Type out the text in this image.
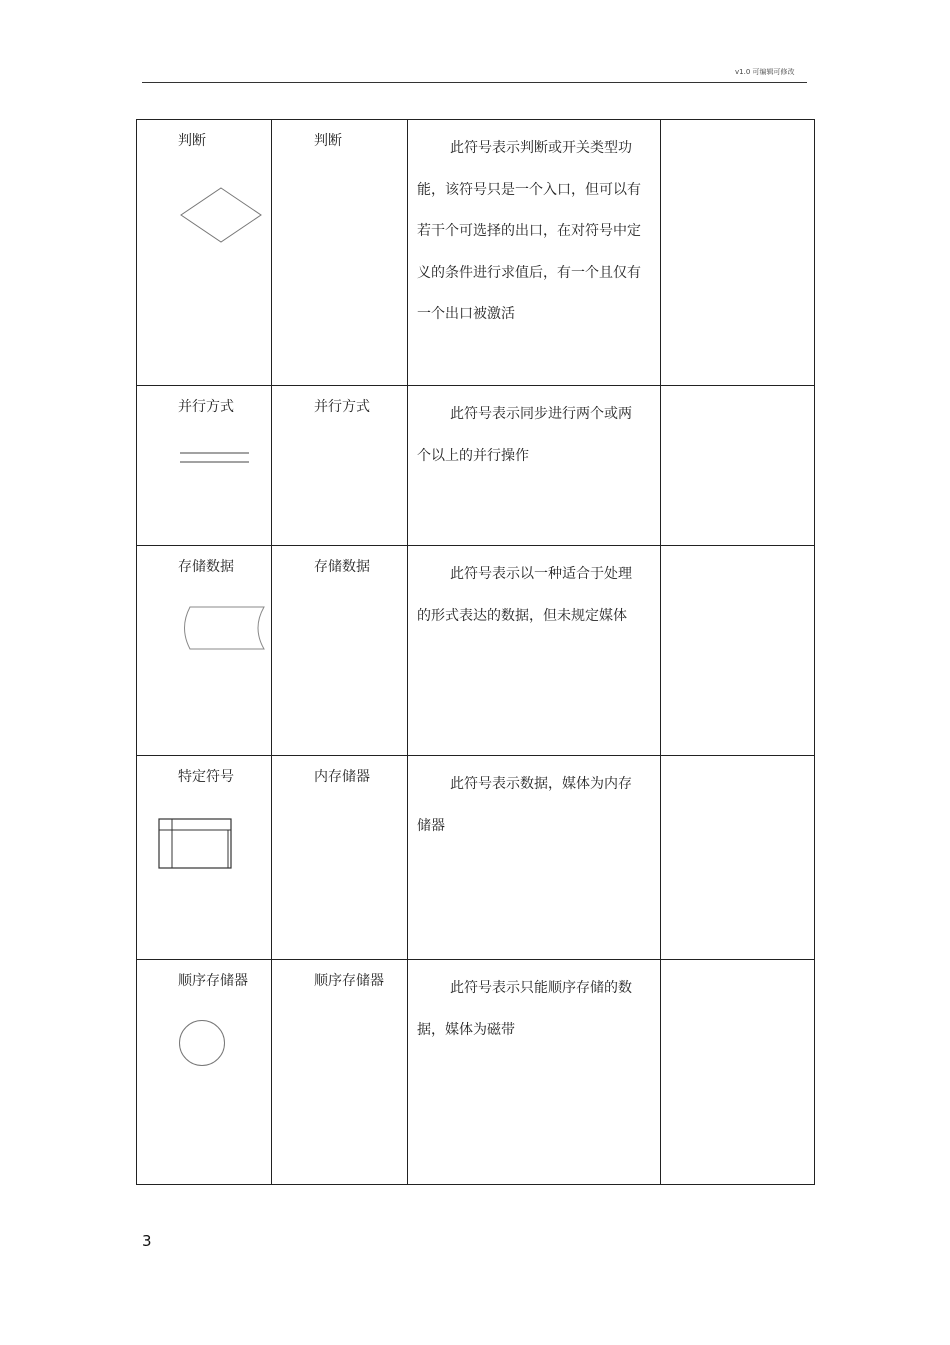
v1.0 可编辑可修改
判断	判断	此符号表示判断或开关类型功能，该符号只是一个入口，但可以有若干个可选择的出口，在对符号中定义的条件进行求值后，有一个且仅有一个出口被激活	

并行方式	并行方式	此符号表示同步进行两个或两个以上的并行操作	

存储数据	存储数据	此符号表示以一种适合于处理的形式表达的数据，但未规定媒体	

特定符号	内存储器	此符号表示数据，媒体为内存储器	

顺序存储器	顺序存储器	此符号表示只能顺序存储的数据，媒体为磁带	

3
